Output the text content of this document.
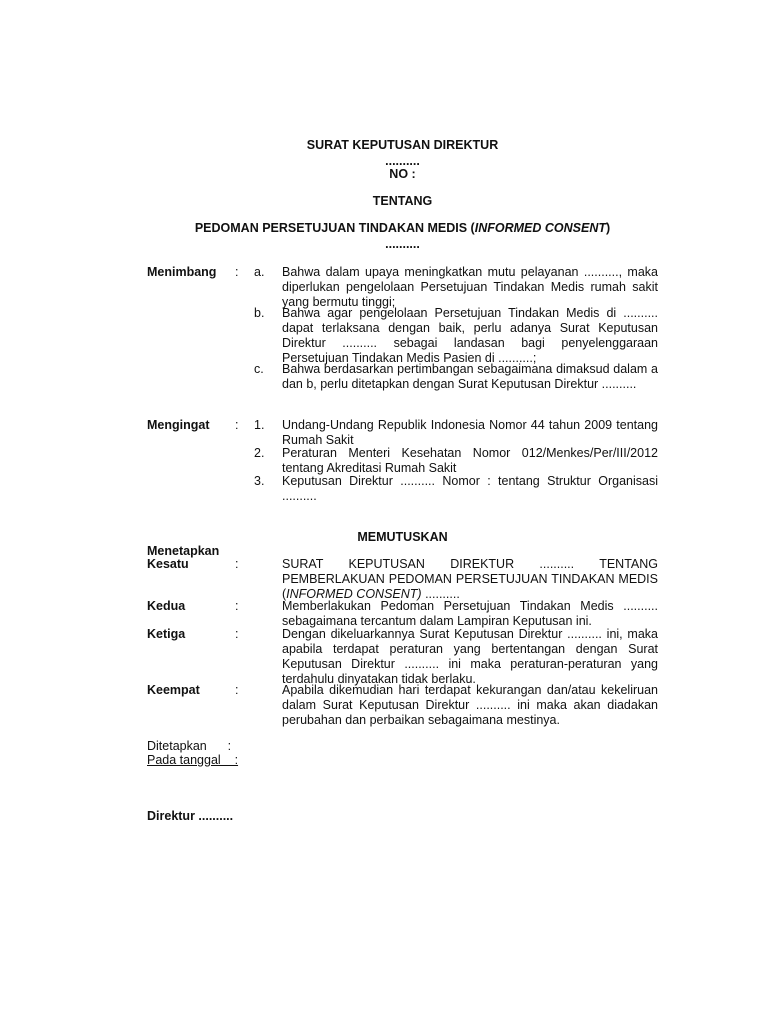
SURAT KEPUTUSAN DIREKTUR
..........
NO :
TENTANG
PEDOMAN PERSETUJUAN TINDAKAN MEDIS (INFORMED CONSENT)
..........
Menimbang : a. Bahwa dalam upaya meningkatkan mutu pelayanan .........., maka diperlukan pengelolaan Persetujuan Tindakan Medis rumah sakit yang bermutu tinggi;
b. Bahwa agar pengelolaan Persetujuan Tindakan Medis di .......... dapat terlaksana dengan baik, perlu adanya Surat Keputusan Direktur .......... sebagai landasan bagi penyelenggaraan Persetujuan Tindakan Medis Pasien di ..........;
c. Bahwa berdasarkan pertimbangan sebagaimana dimaksud dalam a dan b, perlu ditetapkan dengan Surat Keputusan Direktur ..........
Mengingat : 1. Undang-Undang Republik Indonesia Nomor 44 tahun 2009 tentang Rumah Sakit
2. Peraturan Menteri Kesehatan Nomor 012/Menkes/Per/III/2012 tentang Akreditasi Rumah Sakit
3. Keputusan Direktur .......... Nomor : tentang Struktur Organisasi ..........
MEMUTUSKAN
Menetapkan
Kesatu	:	SURAT KEPUTUSAN DIREKTUR .......... TENTANG PEMBERLAKUAN PEDOMAN PERSETUJUAN TINDAKAN MEDIS (INFORMED CONSENT) ..........
Kedua	:	Memberlakukan Pedoman Persetujuan Tindakan Medis .......... sebagaimana tercantum dalam Lampiran Keputusan ini.
Ketiga	:	Dengan dikeluarkannya Surat Keputusan Direktur .......... ini, maka apabila terdapat peraturan yang bertentangan dengan Surat Keputusan Direktur .......... ini maka peraturan-peraturan yang terdahulu dinyatakan tidak berlaku.
Keempat	:	Apabila dikemudian hari terdapat kekurangan dan/atau kekeliruan dalam Surat Keputusan Direktur .......... ini maka akan diadakan perubahan dan perbaikan sebagaimana mestinya.
Ditetapkan      :
Pada tanggal    :
Direktur ..........
